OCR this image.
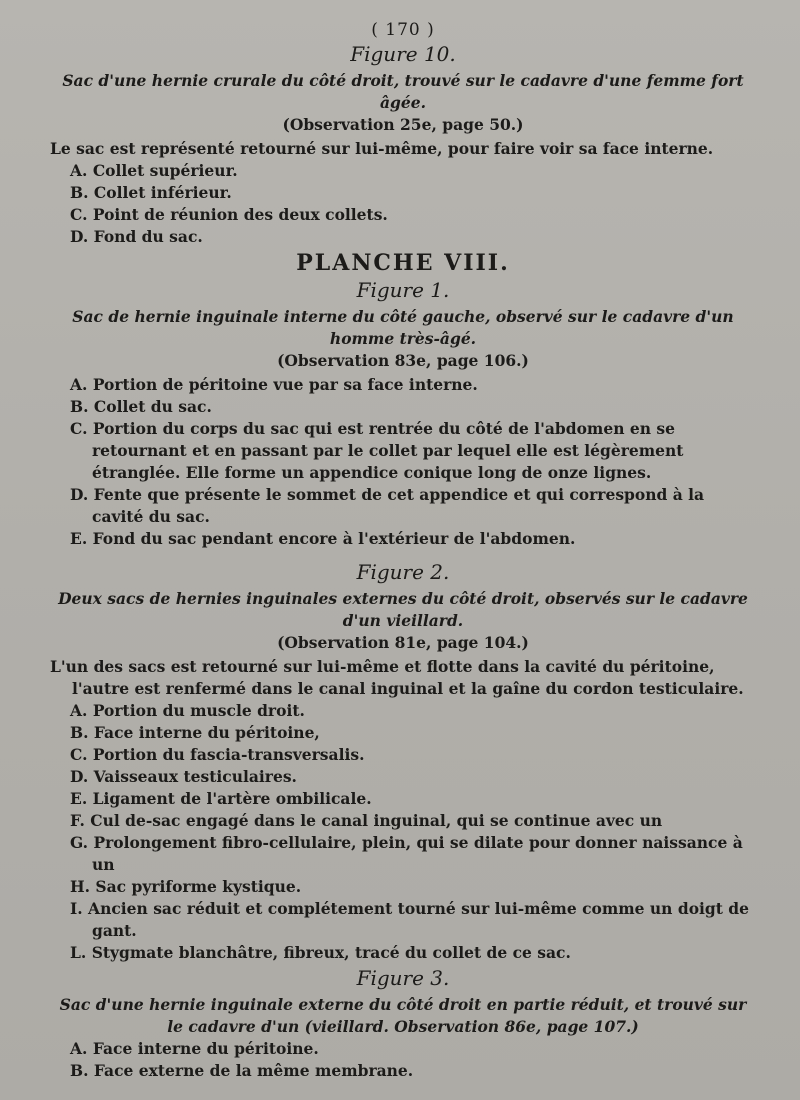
( 170 )
Figure 10.
Sac d'une hernie crurale du côté droit, trouvé sur le cadavre d'une femme fort âgée.
(Observation 25e, page 50.)

Le sac est représenté retourné sur lui-même, pour faire voir sa face interne.

A. Collet supérieur.

B. Collet inférieur.

C. Point de réunion des deux collets.

D. Fond du sac.

PLANCHE VIII.
Figure 1.
Sac de hernie inguinale interne du côté gauche, observé sur le cadavre d'un homme très-âgé.
(Observation 83e, page 106.)

A. Portion de péritoine vue par sa face interne.

B. Collet du sac.

C. Portion du corps du sac qui est rentrée du côté de l'abdomen en se retournant et en passant par le collet par lequel elle est légèrement étranglée. Elle forme un appendice conique long de onze lignes.

D. Fente que présente le sommet de cet appendice et qui correspond à la cavité du sac.

E. Fond du sac pendant encore à l'extérieur de l'abdomen.

Figure 2.
Deux sacs de hernies inguinales externes du côté droit, observés sur le cadavre d'un vieillard.
(Observation 81e, page 104.)

L'un des sacs est retourné sur lui-même et flotte dans la cavité du péritoine, l'autre est renfermé dans le canal inguinal et la gaîne du cordon testiculaire.

A. Portion du muscle droit.

B. Face interne du péritoine,

C. Portion du fascia-transversalis.

D. Vaisseaux testiculaires.

E. Ligament de l'artère ombilicale.

F. Cul de-sac engagé dans le canal inguinal, qui se continue avec un

G. Prolongement fibro-cellulaire, plein, qui se dilate pour donner naissance à un

H. Sac pyriforme kystique.

I. Ancien sac réduit et complétement tourné sur lui-même comme un doigt de gant.

L. Stygmate blanchâtre, fibreux, tracé du collet de ce sac.

Figure 3.
Sac d'une hernie inguinale externe du côté droit en partie réduit, et trouvé sur le cadavre d'un (vieillard. Observation 86e, page 107.)

A. Face interne du péritoine.

B. Face externe de la même membrane.
